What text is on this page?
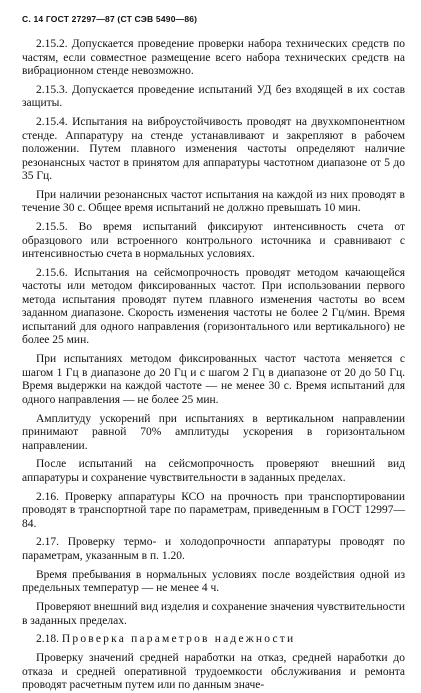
С. 14 ГОСТ 27297—87 (СТ СЭВ 5490—86)

2.15.2. Допускается проведение проверки набора технических средств по частям, если совместное размещение всего набора технических средств на вибрационном стенде невозможно.

2.15.3. Допускается проведение испытаний УД без входящей в их состав защиты.

2.15.4. Испытания на виброустойчивость проводят на двухкомпонентном стенде. Аппаратуру на стенде устанавливают и закрепляют в рабочем положении. Путем плавного изменения частоты определяют наличие резонансных частот в принятом для аппаратуры частотном диапазоне от 5 до 35 Гц.

При наличии резонансных частот испытания на каждой из них проводят в течение 30 с. Общее время испытаний не должно превышать 10 мин.

2.15.5. Во время испытаний фиксируют интенсивность счета от образцового или встроенного контрольного источника и сравнивают с интенсивностью счета в нормальных условиях.

2.15.6. Испытания на сейсмопрочность проводят методом качающейся частоты или методом фиксированных частот. При использовании первого метода испытания проводят путем плавного изменения частоты во всем заданном диапазоне. Скорость изменения частоты не более 2 Гц/мин. Время испытаний для одного направления (горизонтального или вертикального) не более 25 мин.

При испытаниях методом фиксированных частот частота меняется с шагом 1 Гц в диапазоне до 20 Гц и с шагом 2 Гц в диапазоне от 20 до 50 Гц. Время выдержки на каждой частоте — не менее 30 с. Время испытаний для одного направления — не более 25 мин.

Амплитуду ускорений при испытаниях в вертикальном направлении принимают равной 70% амплитуды ускорения в горизонтальном направлении.

После испытаний на сейсмопрочность проверяют внешний вид аппаратуры и сохранение чувствительности в заданных пределах.

2.16. Проверку аппаратуры КСО на прочность при транспортировании проводят в транспортной таре по параметрам, приведенным в ГОСТ 12997—84.

2.17. Проверку термо- и холодопрочности аппаратуры проводят по параметрам, указанным в п. 1.20.

Время пребывания в нормальных условиях после воздействия одной из предельных температур — не менее 4 ч.

Проверяют внешний вид изделия и сохранение значения чувствительности в заданных пределах.

2.18. Проверка параметров надежности

Проверку значений средней наработки на отказ, средней наработки до отказа и средней оперативной трудоемкости обслуживания и ремонта проводят расчетным путем или по данным значе-
